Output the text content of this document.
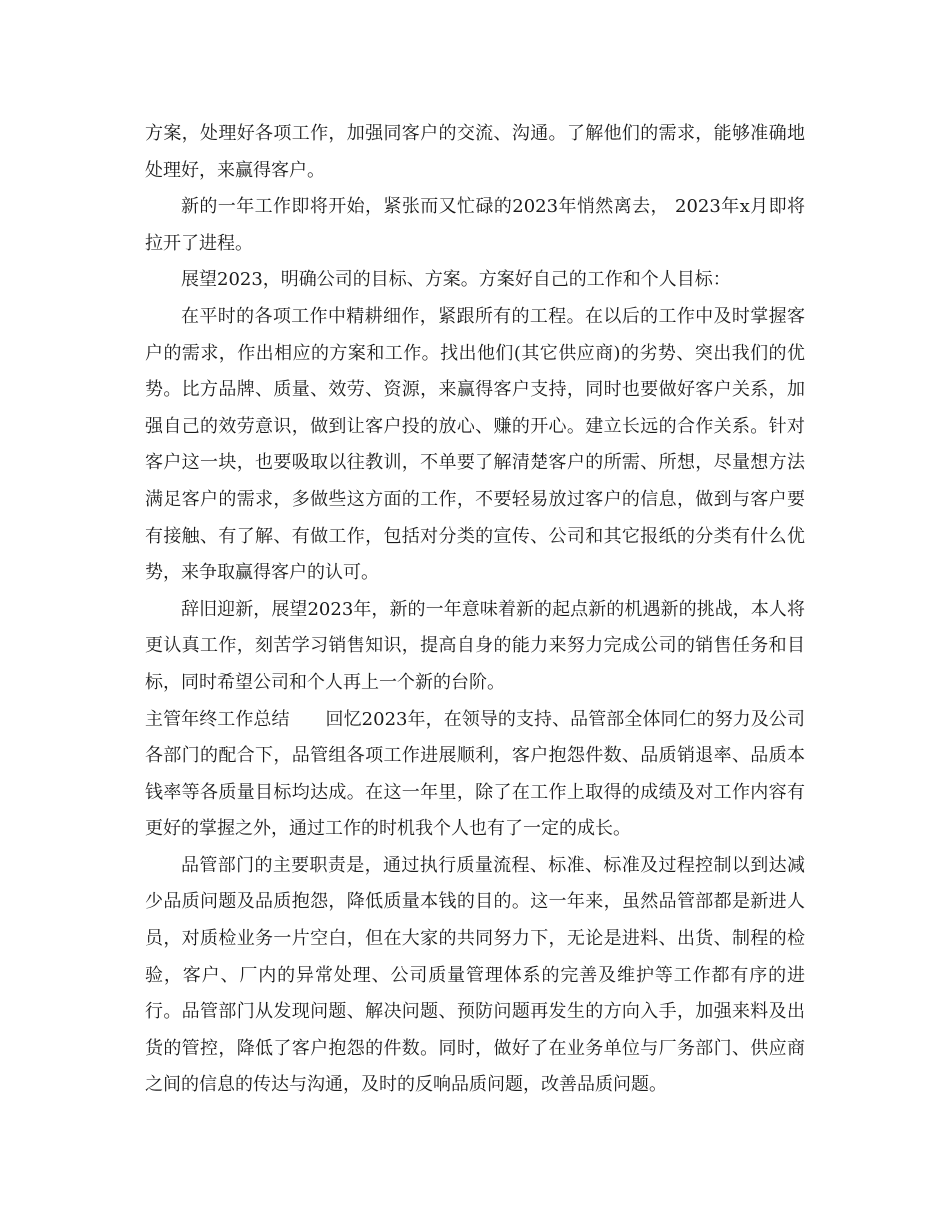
方案，处理好各项工作，加强同客户的交流、沟通。了解他们的需求，能够准确地处理好，来赢得客户。

新的一年工作即将开始，紧张而又忙碌的2023年悄然离去， 2023年x月即将拉开了进程。

展望2023，明确公司的目标、方案。方案好自己的工作和个人目标：

在平时的各项工作中精耕细作，紧跟所有的工程。在以后的工作中及时掌握客户的需求，作出相应的方案和工作。找出他们(其它供应商)的劣势、突出我们的优势。比方品牌、质量、效劳、资源，来赢得客户支持，同时也要做好客户关系，加强自己的效劳意识，做到让客户投的放心、赚的开心。建立长远的合作关系。针对客户这一块，也要吸取以往教训，不单要了解清楚客户的所需、所想，尽量想方法满足客户的需求，多做些这方面的工作，不要轻易放过客户的信息，做到与客户要有接触、有了解、有做工作，包括对分类的宣传、公司和其它报纸的分类有什么优势，来争取赢得客户的认可。

辞旧迎新，展望2023年，新的一年意味着新的起点新的机遇新的挑战，本人将更认真工作，刻苦学习销售知识，提高自身的能力来努力完成公司的销售任务和目标，同时希望公司和个人再上一个新的台阶。

主管年终工作总结 回忆2023年，在领导的支持、品管部全体同仁的努力及公司各部门的配合下，品管组各项工作进展顺利，客户抱怨件数、品质销退率、品质本钱率等各质量目标均达成。在这一年里，除了在工作上取得的成绩及对工作内容有更好的掌握之外，通过工作的时机我个人也有了一定的成长。

品管部门的主要职责是，通过执行质量流程、标准、标准及过程控制以到达减少品质问题及品质抱怨，降低质量本钱的目的。这一年来，虽然品管部都是新进人员，对质检业务一片空白，但在大家的共同努力下，无论是进料、出货、制程的检验，客户、厂内的异常处理、公司质量管理体系的完善及维护等工作都有序的进行。品管部门从发现问题、解决问题、预防问题再发生的方向入手，加强来料及出货的管控，降低了客户抱怨的件数。同时，做好了在业务单位与厂务部门、供应商之间的信息的传达与沟通，及时的反响品质问题，改善品质问题。
